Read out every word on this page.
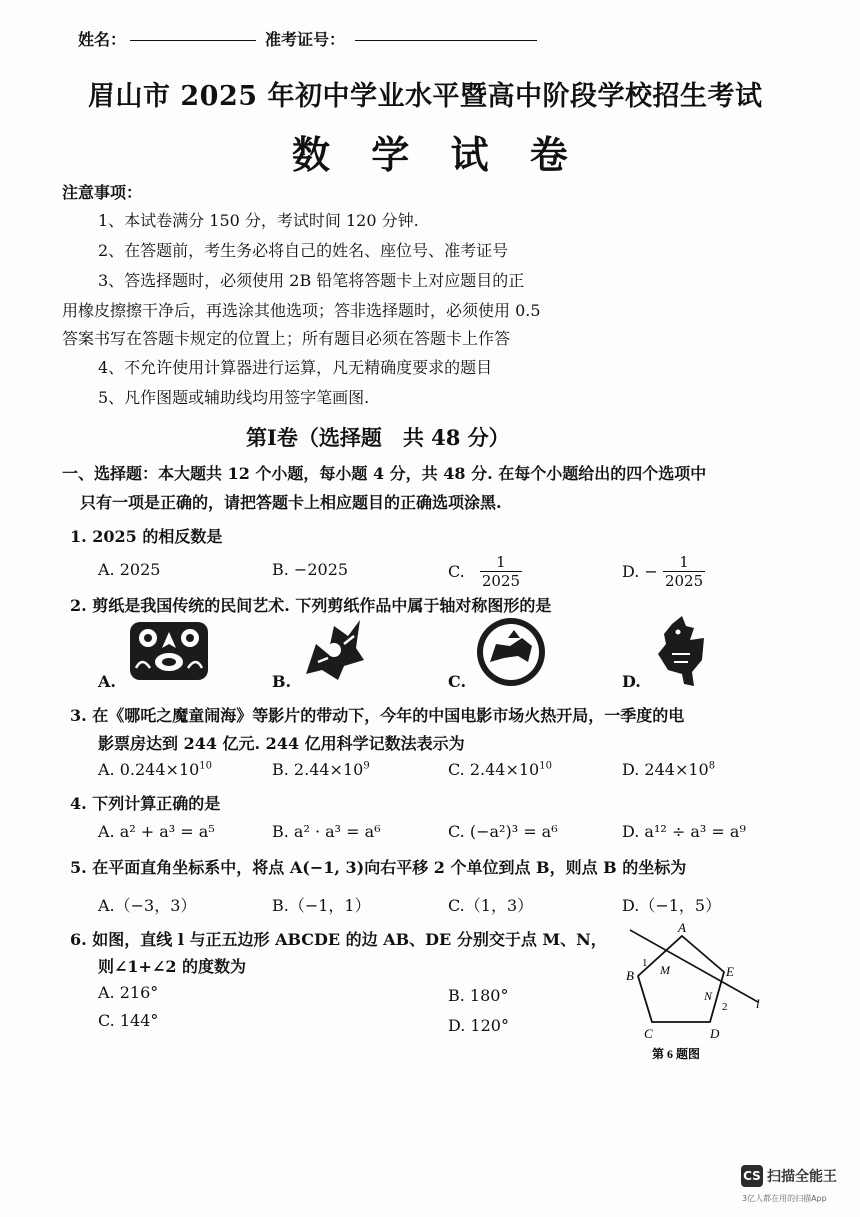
姓名：	准考证号：
眉山市 2025 年初中学业水平暨高中阶段学校招生考试
数 学 试 卷
注意事项：
1、本试卷满分 150 分，考试时间 120 分钟.
2、在答题前，考生务必将自己的姓名、座位号、准考证号
3、答选择题时，必须使用 2B 铅笔将答题卡上对应题目的正
用橡皮擦擦干净后，再选涂其他选项；答非选择题时，必须使用 0.5
答案书写在答题卡规定的位置上；所有题目必须在答题卡上作答
4、不允许使用计算器进行运算，凡无精确度要求的题目
5、凡作图题或辅助线均用签字笔画图.
第Ⅰ卷（选择题　共 48 分）
一、选择题：本大题共 12 个小题，每小题 4 分，共 48 分. 在每个小题给出的四个选项中
只有一项是正确的，请把答题卡上相应题目的正确选项涂黑.
1. 2025 的相反数是
A. 2025	B. −2025	C. $\frac{1}{2025}$	D. − $\frac{1}{2025}$
2. 剪纸是我国传统的民间艺术. 下列剪纸作品中属于轴对称图形的是
A.	B.	C.	D.
3. 在《哪吒之魔童闹海》等影片的带动下，今年的中国电影市场火热开局，一季度的电
影票房达到 244 亿元. 244 亿用科学记数法表示为
A. $0.244\times 10^{10}$	B. $2.44\times 10^9$	C. $2.44\times 10^{10}$	D. $244\times 10^8$
4. 下列计算正确的是
A. a² + a³ = a⁵	B. a² · a³ = a⁶	C. (−a²)³ = a⁶	D. a¹² ÷ a³ = a⁹
5. 在平面直角坐标系中，将点 A(−1, 3)向右平移 2 个单位到点 B，则点 B 的坐标为
A.（−3，3）	B.（−1，1）	C.（1，3）	D.（−1，5）
6. 如图，直线 l 与正五边形 ABCDE 的边 AB、DE 分别交于点 M、N，
则∠1+∠2 的度数为
A. 216°	B. 180°
C. 144°	D. 120°
A
B
C	D
E
M
N
1
2 l
第 6 题图
CS 扫描全能王
3亿人都在用的扫描App
